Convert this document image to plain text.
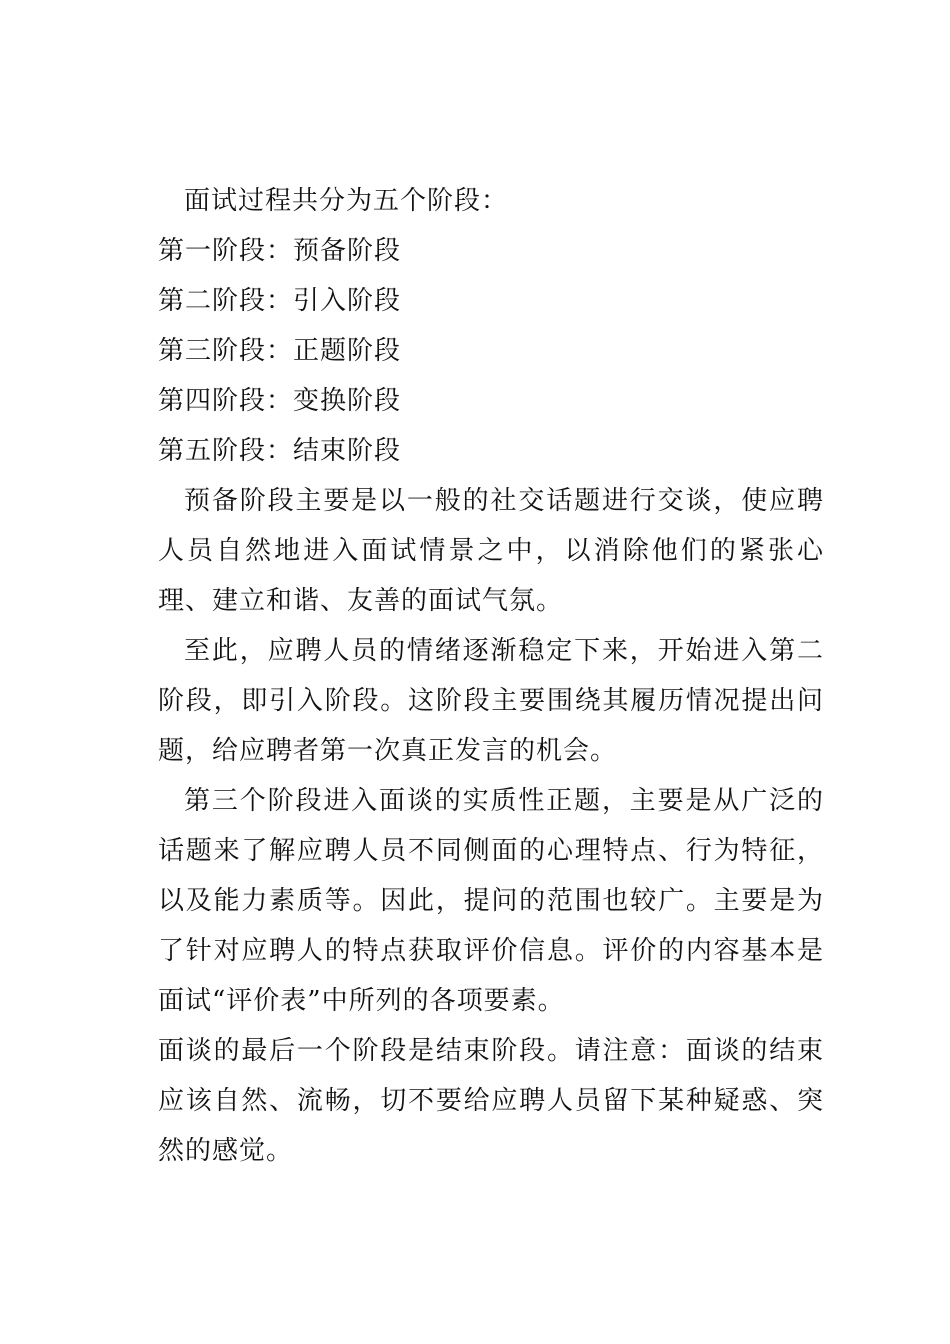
面试过程共分为五个阶段：

第一阶段：预备阶段

第二阶段：引入阶段

第三阶段：正题阶段

第四阶段：变换阶段

第五阶段：结束阶段

预备阶段主要是以一般的社交话题进行交谈，使应聘人员自然地进入面试情景之中，以消除他们的紧张心理、建立和谐、友善的面试气氛。

至此，应聘人员的情绪逐渐稳定下来，开始进入第二阶段，即引入阶段。这阶段主要围绕其履历情况提出问题，给应聘者第一次真正发言的机会。

第三个阶段进入面谈的实质性正题，主要是从广泛的话题来了解应聘人员不同侧面的心理特点、行为特征，以及能力素质等。因此，提问的范围也较广。主要是为了针对应聘人的特点获取评价信息。评价的内容基本是面试“评价表”中所列的各项要素。

面谈的最后一个阶段是结束阶段。请注意：面谈的结束应该自然、流畅，切不要给应聘人员留下某种疑惑、突然的感觉。
